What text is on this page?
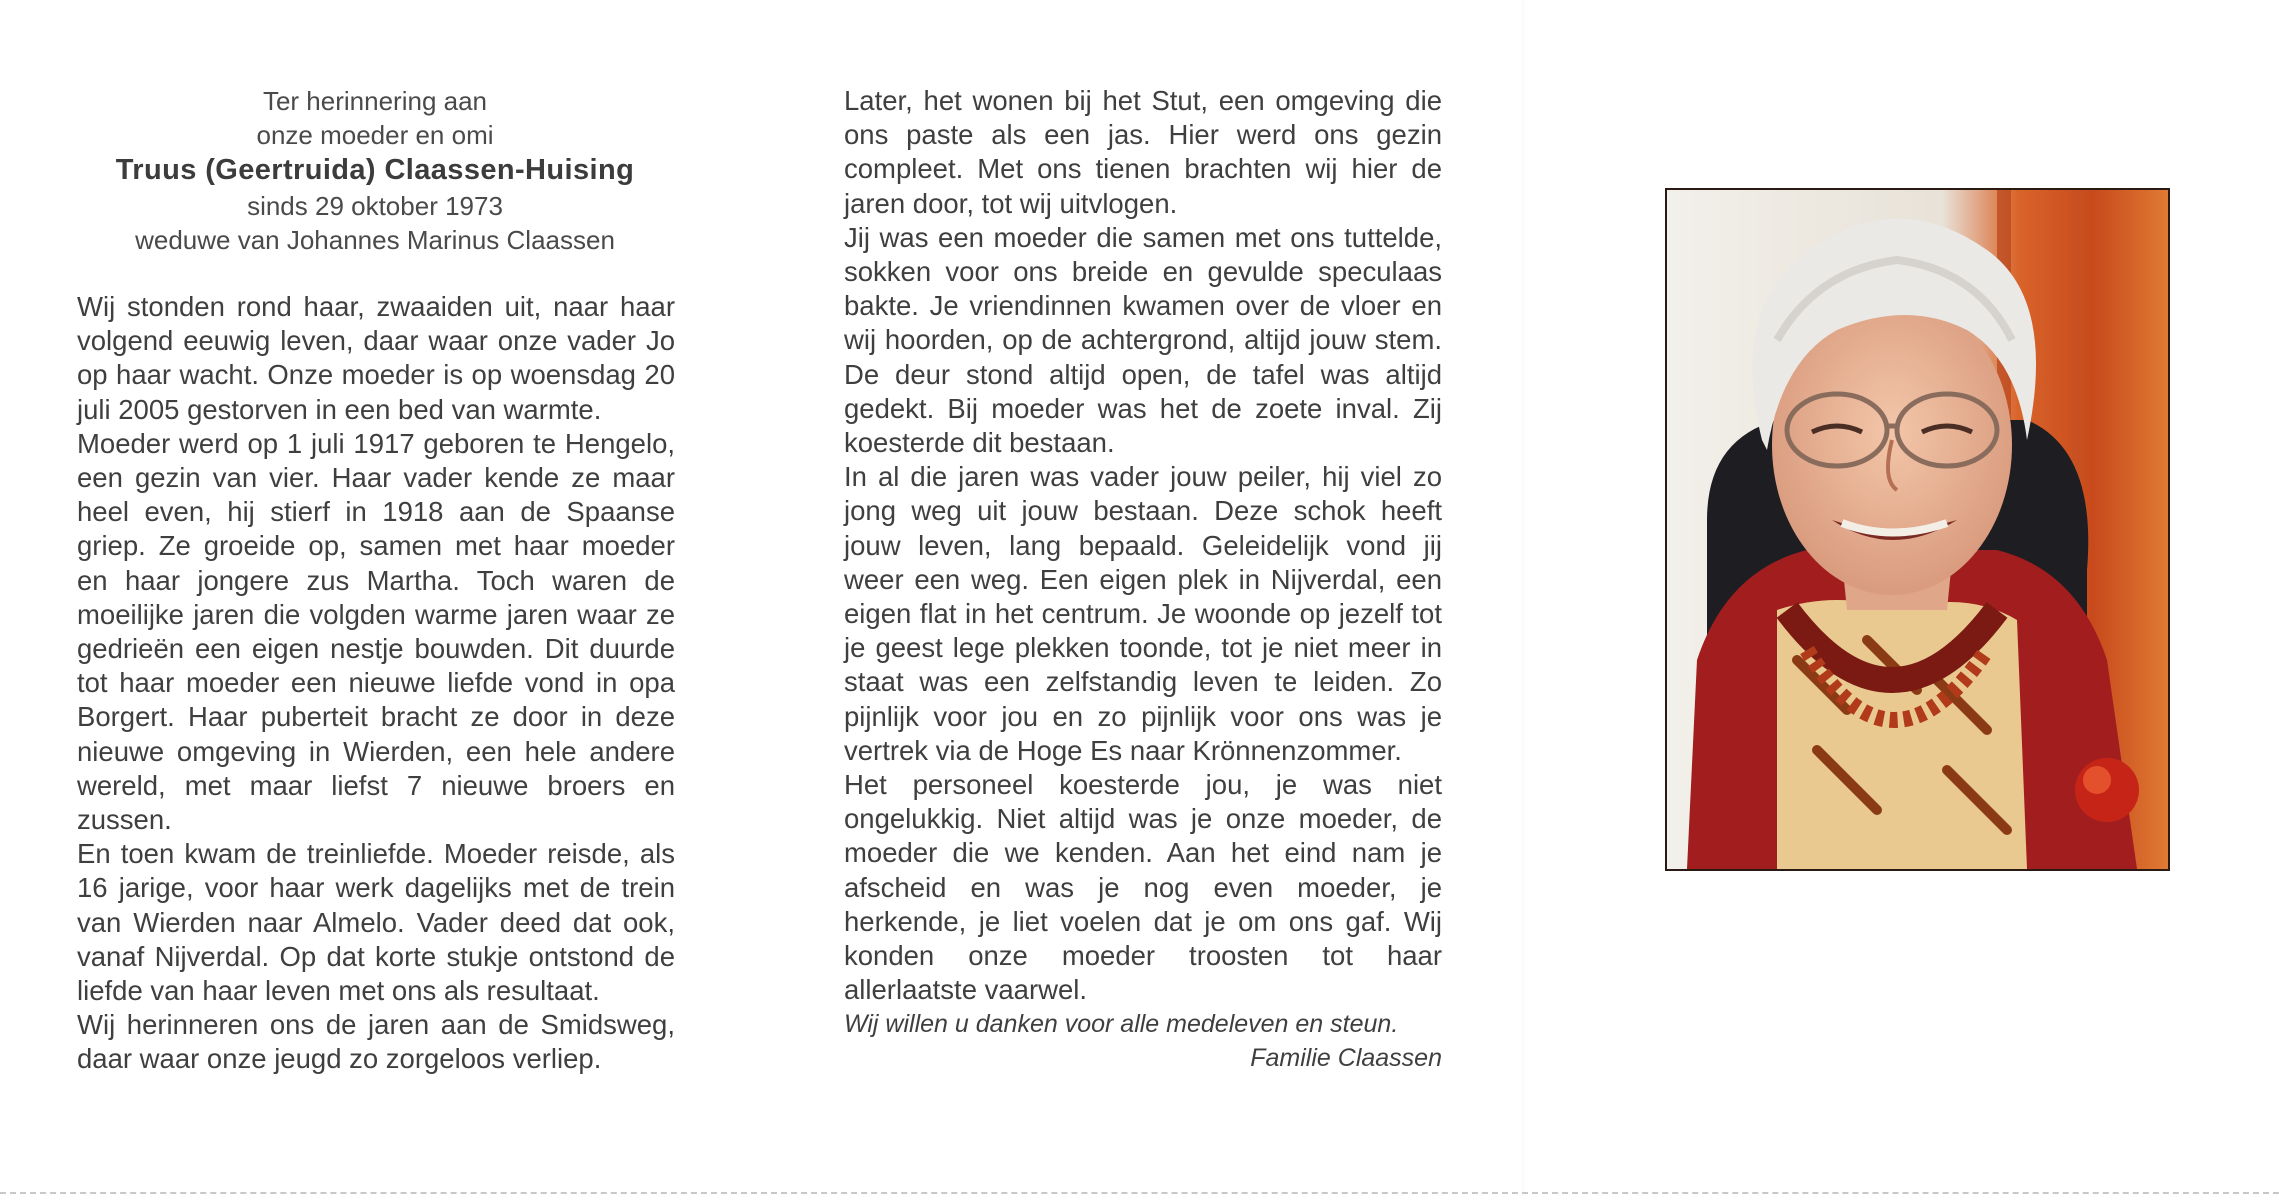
Ter herinnering aan
onze moeder en omi
Truus (Geertruida) Claassen-Huising
sinds 29 oktober 1973
weduwe van Johannes Marinus Claassen

Wij stonden rond haar, zwaaiden uit, naar haar volgend eeuwig leven, daar waar onze vader Jo op haar wacht. Onze moeder is op woensdag 20 juli 2005 gestorven in een bed van warmte.

Moeder werd op 1 juli 1917 geboren te Hengelo, een gezin van vier. Haar vader kende ze maar heel even, hij stierf in 1918 aan de Spaanse griep. Ze groeide op, samen met haar moeder en haar jongere zus Martha. Toch waren de moeilijke jaren die volgden warme jaren waar ze gedrieën een eigen nestje bouwden. Dit duurde tot haar moeder een nieuwe liefde vond in opa Borgert. Haar puberteit bracht ze door in deze nieuwe omgeving in Wierden, een hele andere wereld, met maar liefst 7 nieuwe broers en zussen.

En toen kwam de treinliefde. Moeder reisde, als 16 jarige, voor haar werk dagelijks met de trein van Wierden naar Almelo. Vader deed dat ook, vanaf Nijverdal. Op dat korte stukje ontstond de liefde van haar leven met ons als resultaat.

Wij herinneren ons de jaren aan de Smidsweg, daar waar onze jeugd zo zorgeloos verliep.

Later, het wonen bij het Stut, een omgeving die ons paste als een jas. Hier werd ons gezin compleet. Met ons tienen brachten wij hier de jaren door, tot wij uitvlogen.

Jij was een moeder die samen met ons tuttelde, sokken voor ons breide en gevulde speculaas bakte. Je vriendinnen kwamen over de vloer en wij hoorden, op de achtergrond, altijd jouw stem. De deur stond altijd open, de tafel was altijd gedekt. Bij moeder was het de zoete inval. Zij koesterde dit bestaan.

In al die jaren was vader jouw peiler, hij viel zo jong weg uit jouw bestaan. Deze schok heeft jouw leven, lang bepaald. Geleidelijk vond jij weer een weg. Een eigen plek in Nijverdal, een eigen flat in het centrum. Je woonde op jezelf tot je geest lege plekken toonde, tot je niet meer in staat was een zelfstandig leven te leiden. Zo pijnlijk voor jou en zo pijnlijk voor ons was je vertrek via de Hoge Es naar Krönnenzommer.

Het personeel koesterde jou, je was niet ongelukkig. Niet altijd was je onze moeder, de moeder die we kenden. Aan het eind nam je afscheid en was je nog even moeder, je herkende, je liet voelen dat je om ons gaf. Wij konden onze moeder troosten tot haar allerlaatste vaarwel.

Wij willen u danken voor alle medeleven en steun.

Familie Claassen
